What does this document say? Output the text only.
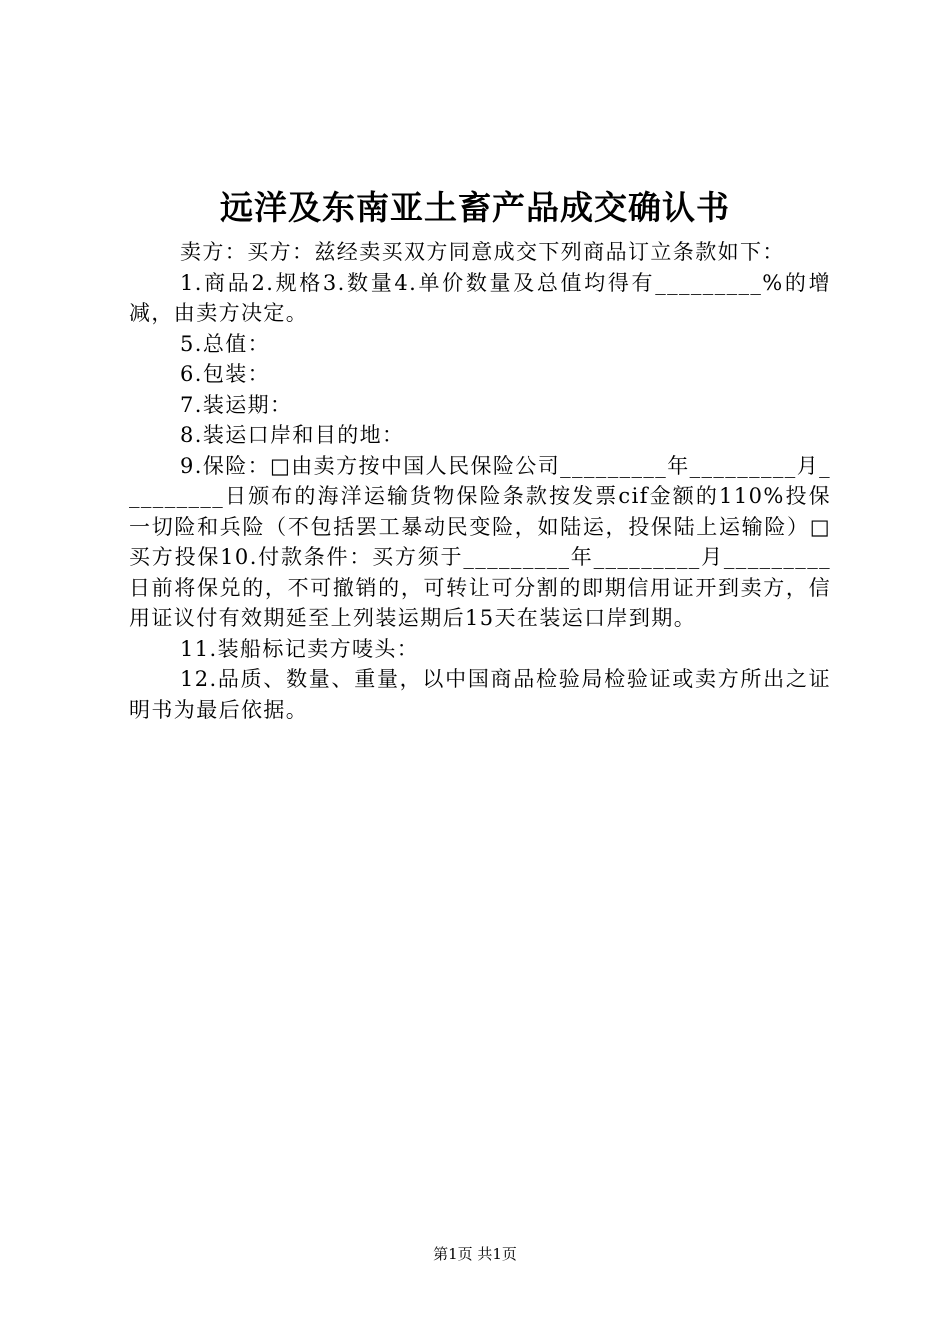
远洋及东南亚土畜产品成交确认书

卖方：买方：兹经卖买双方同意成交下列商品订立条款如下：

1.商品2.规格3.数量4.单价数量及总值均得有_________%的增减，由卖方决定。

5.总值：

6.包装：

7.装运期：

8.装运口岸和目的地：

9.保险：□由卖方按中国人民保险公司_________年_________月_________日颁布的海洋运输货物保险条款按发票cif金额的110%投保一切险和兵险（不包括罢工暴动民变险，如陆运，投保陆上运输险）□买方投保10.付款条件：买方须于_________年_________月_________日前将保兑的，不可撤销的，可转让可分割的即期信用证开到卖方，信用证议付有效期延至上列装运期后15天在装运口岸到期。

11.装船标记卖方唛头：

12.品质、数量、重量，以中国商品检验局检验证或卖方所出之证明书为最后依据。

第1页 共1页
